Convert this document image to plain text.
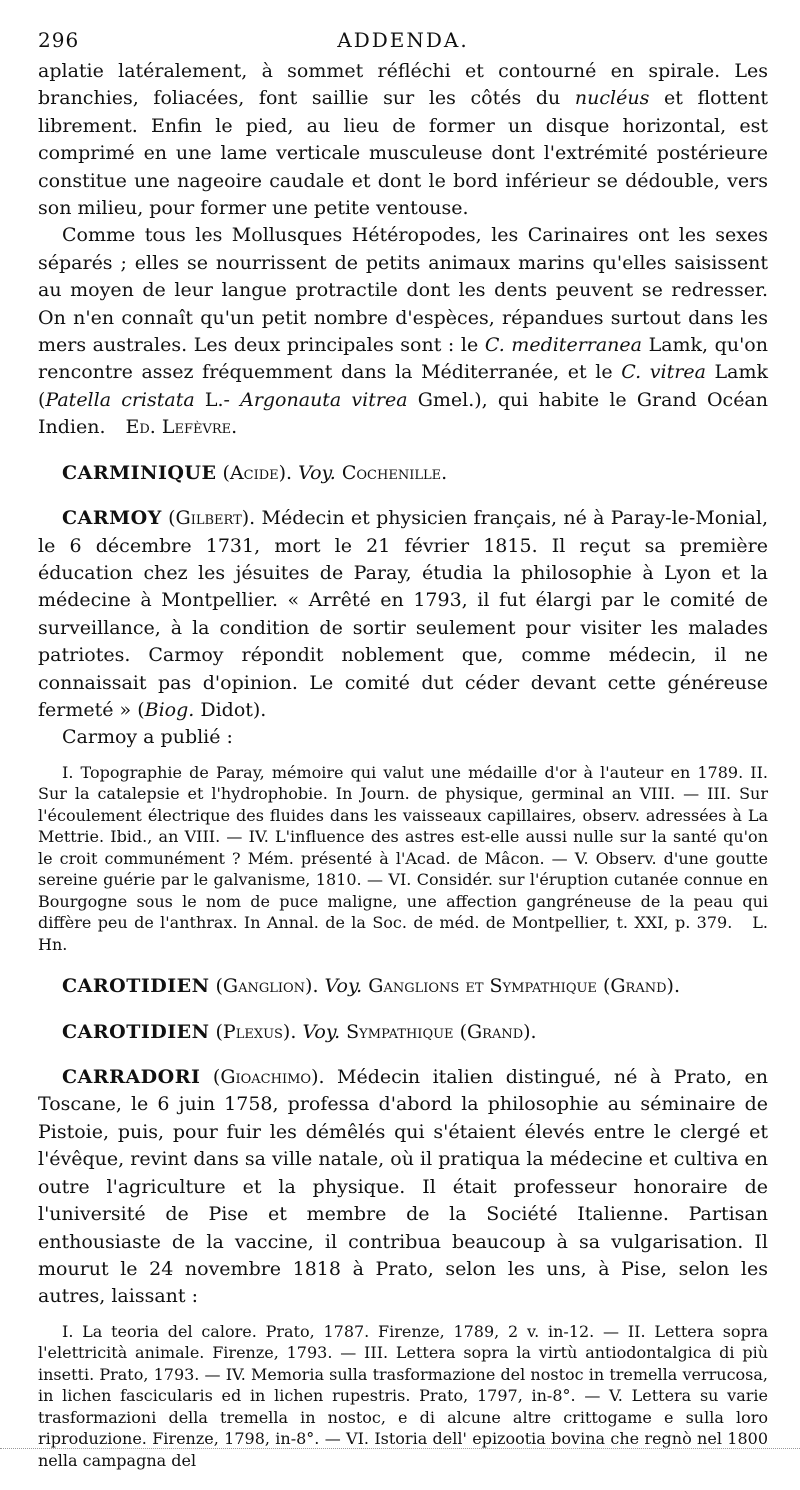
296	ADDENDA.

aplatie latéralement, à sommet réfléchi et contourné en spirale. Les branchies, foliacées, font saillie sur les côtés du nucléus et flottent librement. Enfin le pied, au lieu de former un disque horizontal, est comprimé en une lame verticale musculeuse dont l'extrémité postérieure constitue une nageoire caudale et dont le bord inférieur se dédouble, vers son milieu, pour former une petite ventouse.

Comme tous les Mollusques Hétéropodes, les Carinaires ont les sexes séparés ; elles se nourrissent de petits animaux marins qu'elles saisissent au moyen de leur langue protractile dont les dents peuvent se redresser. On n'en connaît qu'un petit nombre d'espèces, répandues surtout dans les mers australes. Les deux principales sont : le C. mediterranea Lamk, qu'on rencontre assez fréquemment dans la Méditerranée, et le C. vitrea Lamk (Patella cristata L.- Argonauta vitrea Gmel.), qui habite le Grand Océan Indien. Ed. Lefèvre.

CARMINIQUE (Acide). Voy. Cochenille.

CARMOY (Gilbert). Médecin et physicien français, né à Paray-le-Monial, le 6 décembre 1731, mort le 21 février 1815. Il reçut sa première éducation chez les jésuites de Paray, étudia la philosophie à Lyon et la médecine à Montpellier. « Arrêté en 1793, il fut élargi par le comité de surveillance, à la condition de sortir seulement pour visiter les malades patriotes. Carmoy répondit noblement que, comme médecin, il ne connaissait pas d'opinion. Le comité dut céder devant cette généreuse fermeté » (Biog. Didot).

Carmoy a publié :

I. Topographie de Paray, mémoire qui valut une médaille d'or à l'auteur en 1789. II. Sur la catalepsie et l'hydrophobie. In Journ. de physique, germinal an VIII. — III. Sur l'écoulement électrique des fluides dans les vaisseaux capillaires, observ. adressées à La Mettrie. Ibid., an VIII. — IV. L'influence des astres est-elle aussi nulle sur la santé qu'on le croit communément ? Mém. présenté à l'Acad. de Mâcon. — V. Observ. d'une goutte sereine guérie par le galvanisme, 1810. — VI. Considér. sur l'éruption cutanée connue en Bourgogne sous le nom de puce maligne, une affection gangréneuse de la peau qui diffère peu de l'anthrax. In Annal. de la Soc. de méd. de Montpellier, t. XXI, p. 379. L. Hn.

CAROTIDIEN (Ganglion). Voy. Ganglions et Sympathique (Grand).

CAROTIDIEN (Plexus). Voy. Sympathique (Grand).

CARRADORI (Gioachimo). Médecin italien distingué, né à Prato, en Toscane, le 6 juin 1758, professa d'abord la philosophie au séminaire de Pistoie, puis, pour fuir les démêlés qui s'étaient élevés entre le clergé et l'évêque, revint dans sa ville natale, où il pratiqua la médecine et cultiva en outre l'agriculture et la physique. Il était professeur honoraire de l'université de Pise et membre de la Société Italienne. Partisan enthousiaste de la vaccine, il contribua beaucoup à sa vulgarisation. Il mourut le 24 novembre 1818 à Prato, selon les uns, à Pise, selon les autres, laissant :

I. La teoria del calore. Prato, 1787. Firenze, 1789, 2 v. in-12. — II. Lettera sopra l'elettricità animale. Firenze, 1793. — III. Lettera sopra la virtù antiodontalgica di più insetti. Prato, 1793. — IV. Memoria sulla trasformazione del nostoc in tremella verrucosa, in lichen fascicularis ed in lichen rupestris. Prato, 1797, in-8°. — V. Lettera su varie trasformazioni della tremella in nostoc, e di alcune altre crittogame e sulla loro riproduzione. Firenze, 1798, in-8°. — VI. Istoria dell' epizootia bovina che regnò nel 1800 nella campagna del
